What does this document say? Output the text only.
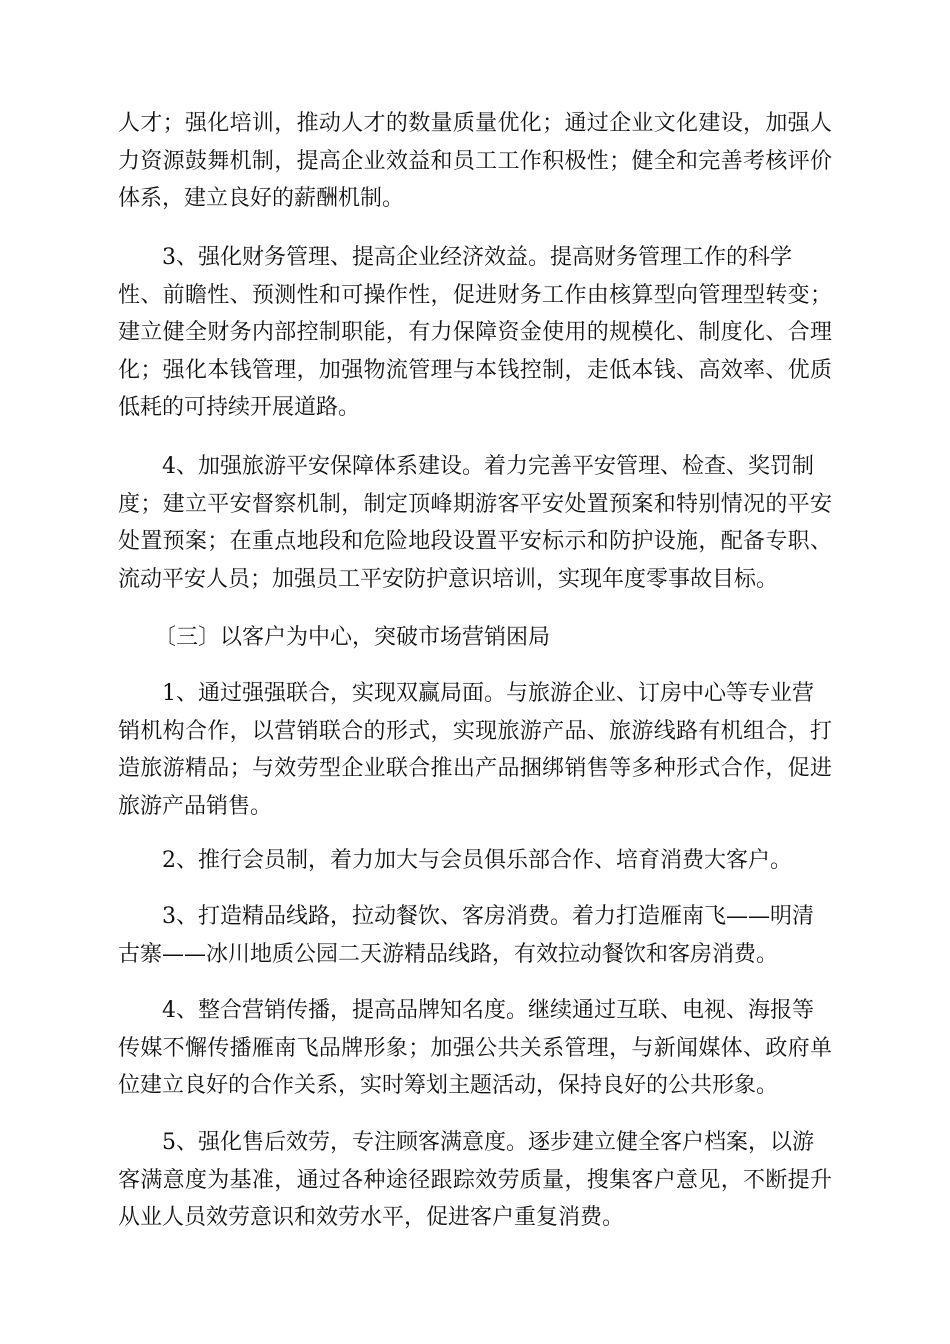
人才；强化培训，推动人才的数量质量优化；通过企业文化建设，加强人
力资源鼓舞机制，提高企业效益和员工工作积极性；健全和完善考核评价
体系，建立良好的薪酬机制。
3、强化财务管理、提高企业经济效益。提高财务管理工作的科学
性、前瞻性、预测性和可操作性，促进财务工作由核算型向管理型转变；
建立健全财务内部控制职能，有力保障资金使用的规模化、制度化、合理
化；强化本钱管理，加强物流管理与本钱控制，走低本钱、高效率、优质
低耗的可持续开展道路。
4、加强旅游平安保障体系建设。着力完善平安管理、检查、奖罚制
度；建立平安督察机制，制定顶峰期游客平安处置预案和特别情况的平安
处置预案；在重点地段和危险地段设置平安标示和防护设施，配备专职、
流动平安人员；加强员工平安防护意识培训，实现年度零事故目标。
〔三〕以客户为中心，突破市场营销困局
1、通过强强联合，实现双赢局面。与旅游企业、订房中心等专业营
销机构合作，以营销联合的形式，实现旅游产品、旅游线路有机组合，打
造旅游精品；与效劳型企业联合推出产品捆绑销售等多种形式合作，促进
旅游产品销售。
2、推行会员制，着力加大与会员俱乐部合作、培育消费大客户。
3、打造精品线路，拉动餐饮、客房消费。着力打造雁南飞——明清
古寨——冰川地质公园二天游精品线路，有效拉动餐饮和客房消费。
4、整合营销传播，提高品牌知名度。继续通过互联、电视、海报等
传媒不懈传播雁南飞品牌形象；加强公共关系管理，与新闻媒体、政府单
位建立良好的合作关系，实时筹划主题活动，保持良好的公共形象。
5、强化售后效劳，专注顾客满意度。逐步建立健全客户档案，以游
客满意度为基准，通过各种途径跟踪效劳质量，搜集客户意见，不断提升
从业人员效劳意识和效劳水平，促进客户重复消费。
